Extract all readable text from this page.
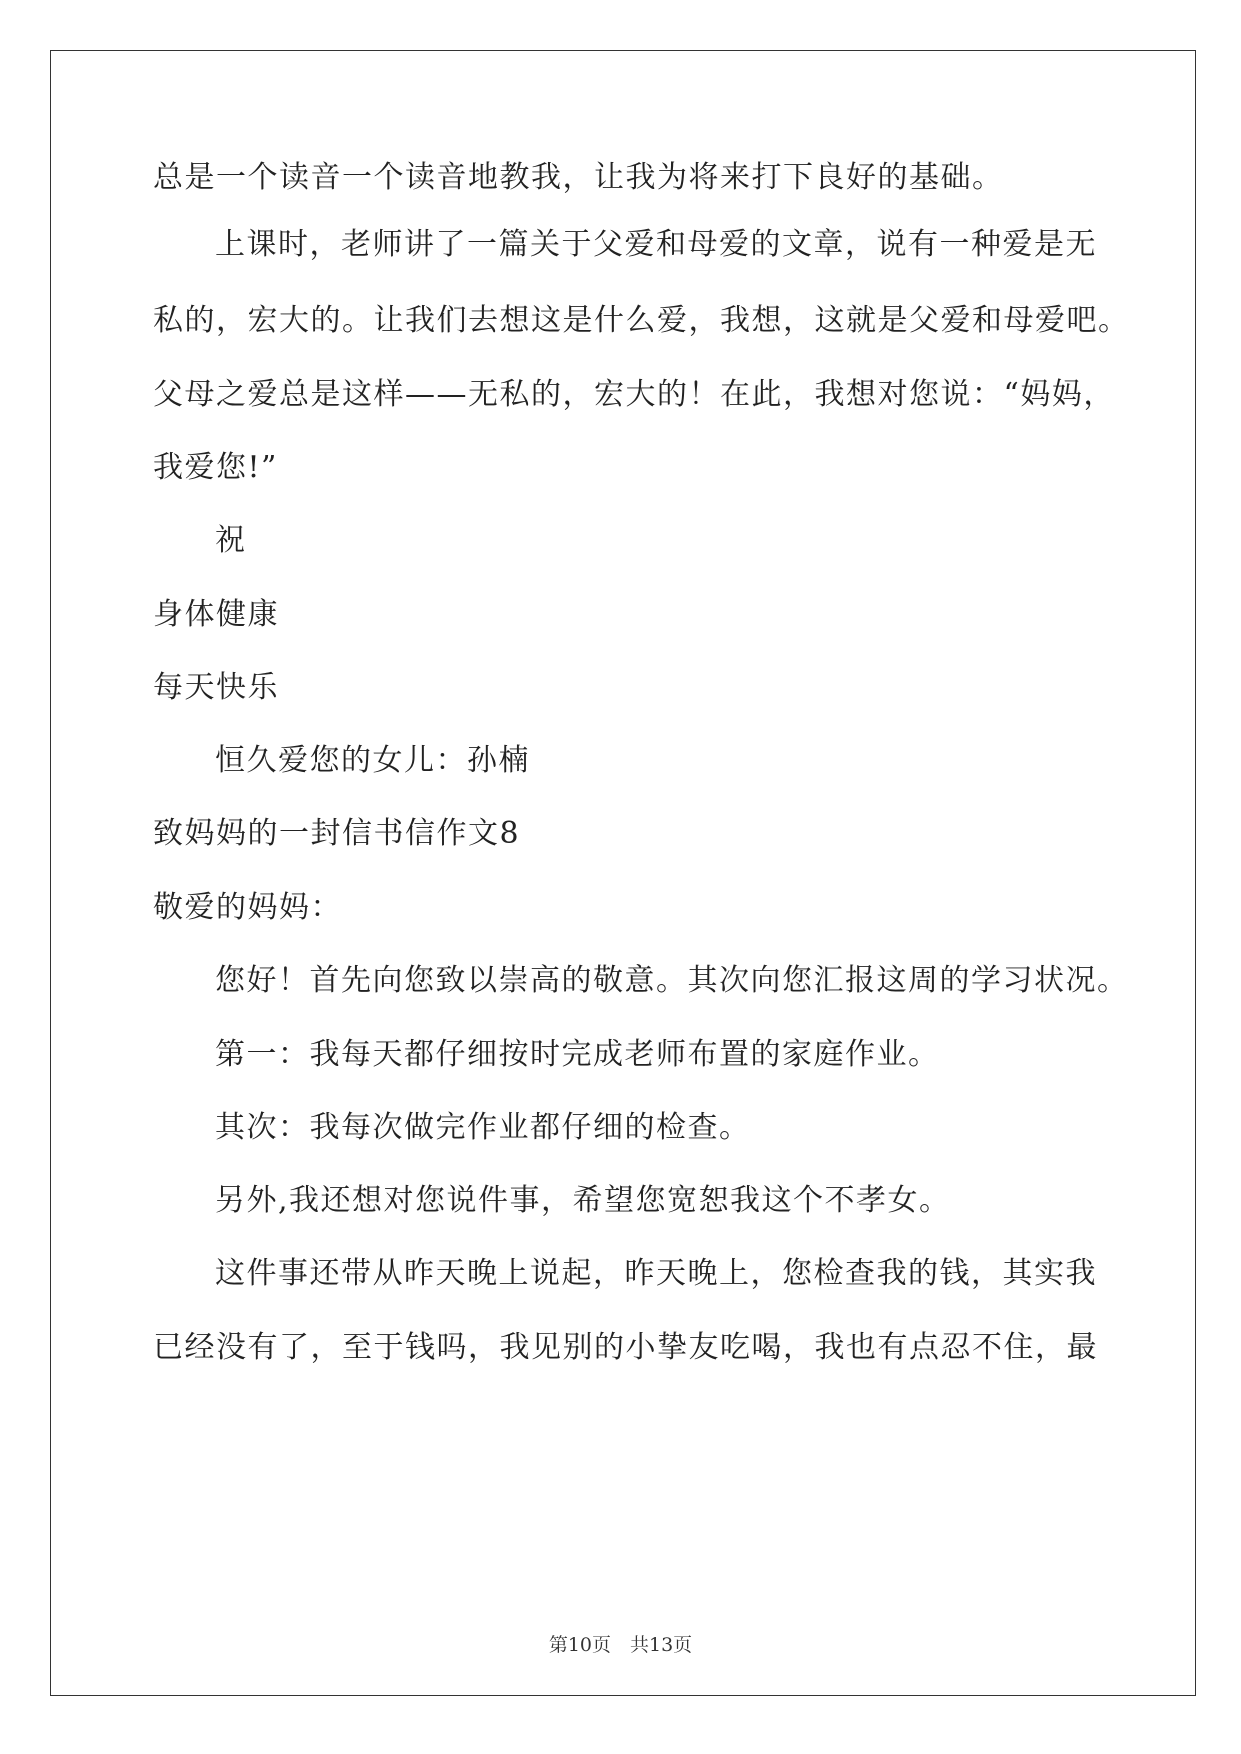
总是一个读音一个读音地教我，让我为将来打下良好的基础。
上课时，老师讲了一篇关于父爱和母爱的文章，说有一种爱是无
私的，宏大的。让我们去想这是什么爱，我想，这就是父爱和母爱吧。
父母之爱总是这样——无私的，宏大的！在此，我想对您说：“妈妈，
我爱您!”
祝
身体健康
每天快乐
恒久爱您的女儿：孙楠
致妈妈的一封信书信作文8
敬爱的妈妈：
您好！首先向您致以崇高的敬意。其次向您汇报这周的学习状况。
第一：我每天都仔细按时完成老师布置的家庭作业。
其次：我每次做完作业都仔细的检查。
另外,我还想对您说件事，希望您宽恕我这个不孝女。
这件事还带从昨天晚上说起，昨天晚上，您检查我的钱，其实我
已经没有了，至于钱吗，我见别的小挚友吃喝，我也有点忍不住，最
第10页　共13页
